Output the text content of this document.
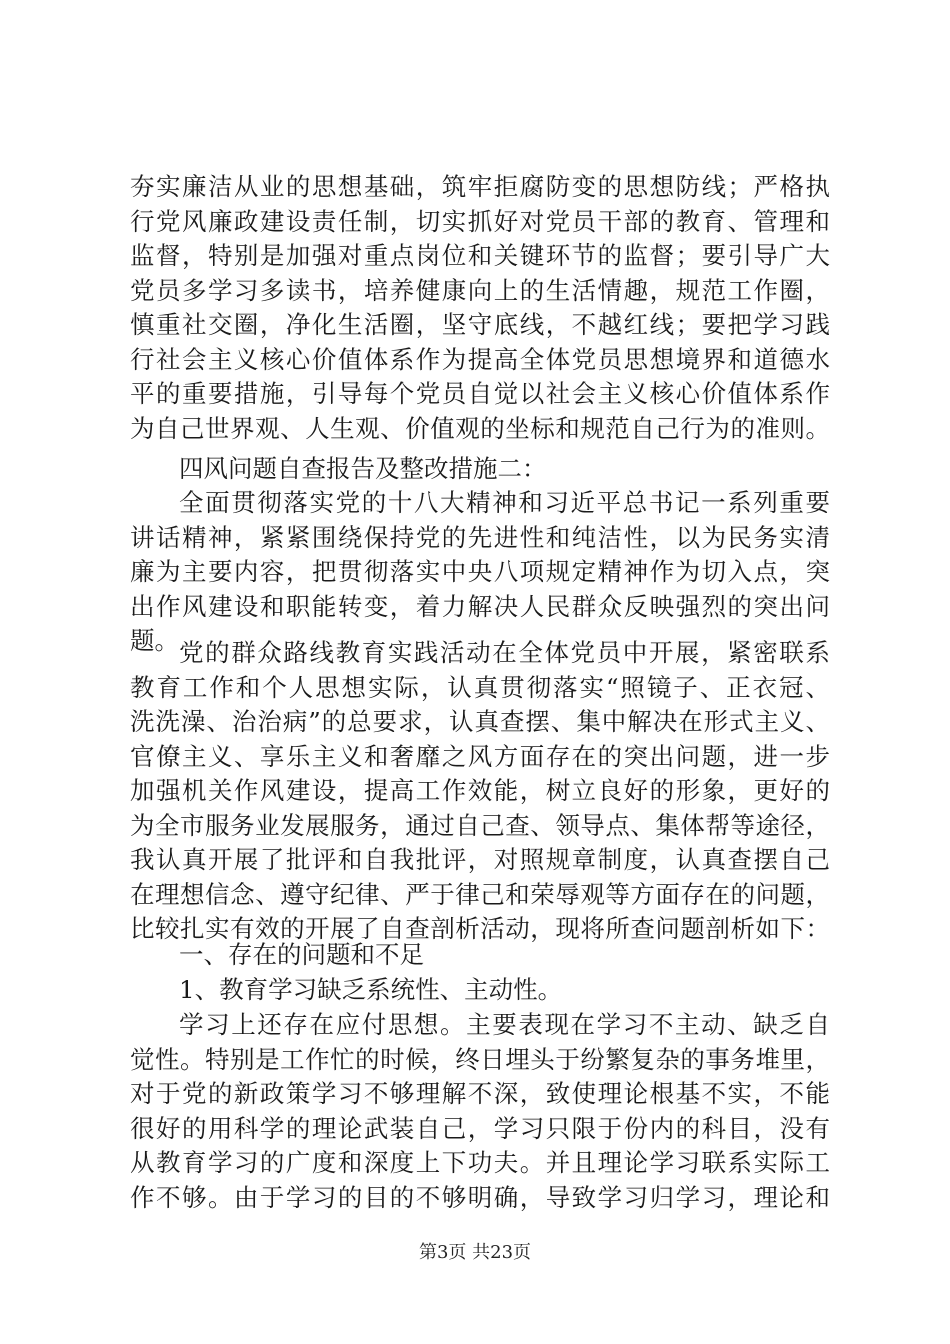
夯实廉洁从业的思想基础，筑牢拒腐防变的思想防线；严格执
行党风廉政建设责任制，切实抓好对党员干部的教育、管理和
监督，特别是加强对重点岗位和关键环节的监督；要引导广大
党员多学习多读书，培养健康向上的生活情趣，规范工作圈，
慎重社交圈，净化生活圈，坚守底线，不越红线；要把学习践
行社会主义核心价值体系作为提高全体党员思想境界和道德水
平的重要措施，引导每个党员自觉以社会主义核心价值体系作
为自己世界观、人生观、价值观的坐标和规范自己行为的准则。
四风问题自查报告及整改措施二：
全面贯彻落实党的十八大精神和习近平总书记一系列重要
讲话精神，紧紧围绕保持党的先进性和纯洁性，以为民务实清
廉为主要内容，把贯彻落实中央八项规定精神作为切入点，突
出作风建设和职能转变，着力解决人民群众反映强烈的突出问
题。 党的群众路线教育实践活动在全体党员中开展，紧密联系
教育工作和个人思想实际，认真贯彻落实“照镜子、正衣冠、
洗洗澡、治治病”的总要求，认真查摆、集中解决在形式主义、
官僚主义、享乐主义和奢靡之风方面存在的突出问题，进一步
加强机关作风建设，提高工作效能，树立良好的形象，更好的
为全市服务业发展服务，通过自己查、领导点、集体帮等途径，
我认真开展了批评和自我批评，对照规章制度，认真查摆自己
在理想信念、遵守纪律、严于律己和荣辱观等方面存在的问题，
比较扎实有效的开展了自查剖析活动，现将所查问题剖析如下：
一、存在的问题和不足
1、教育学习缺乏系统性、主动性。
学习上还存在应付思想。主要表现在学习不主动、缺乏自
觉性。特别是工作忙的时候，终日埋头于纷繁复杂的事务堆里，
对于党的新政策学习不够理解不深，致使理论根基不实，不能
很好的用科学的理论武装自己，学习只限于份内的科目，没有
从教育学习的广度和深度上下功夫。并且理论学习联系实际工
作不够。由于学习的目的不够明确，导致学习归学习，理论和
第3页 共23页
